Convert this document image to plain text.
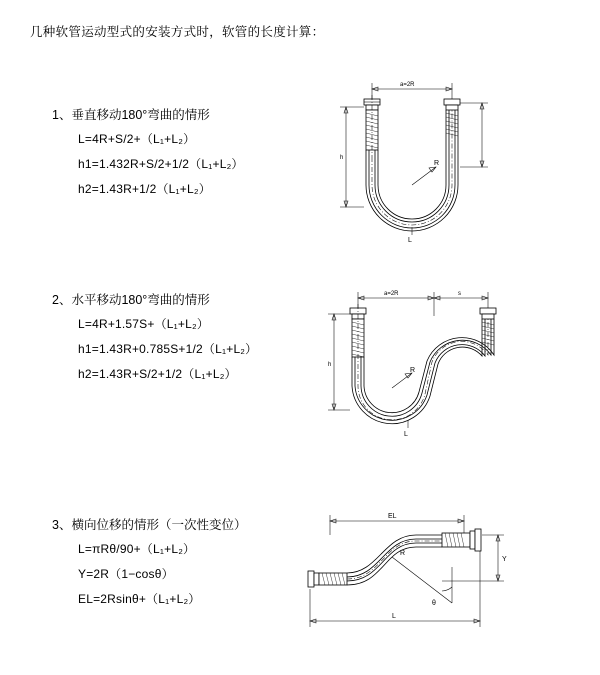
几种软管运动型式的安装方式时，软管的长度计算：
1、垂直移动180°弯曲的情形
L=4R+S/2+（L₁+L₂）
h1=1.432R+S/2+1/2（L₁+L₂）
h2=1.43R+1/2（L₁+L₂）
a=2R
R
h
L
2、水平移动180°弯曲的情形
L=4R+1.57S+（L₁+L₂）
h1=1.43R+0.785S+1/2（L₁+L₂）
h2=1.43R+S/2+1/2（L₁+L₂）
a=2R	s
R
h
L
3、横向位移的情形（一次性变位）
L=πRθ/90+（L₁+L₂）
Y=2R（1−cosθ）
EL=2Rsinθ+（L₁+L₂）
EL
Y
θ
R
L
